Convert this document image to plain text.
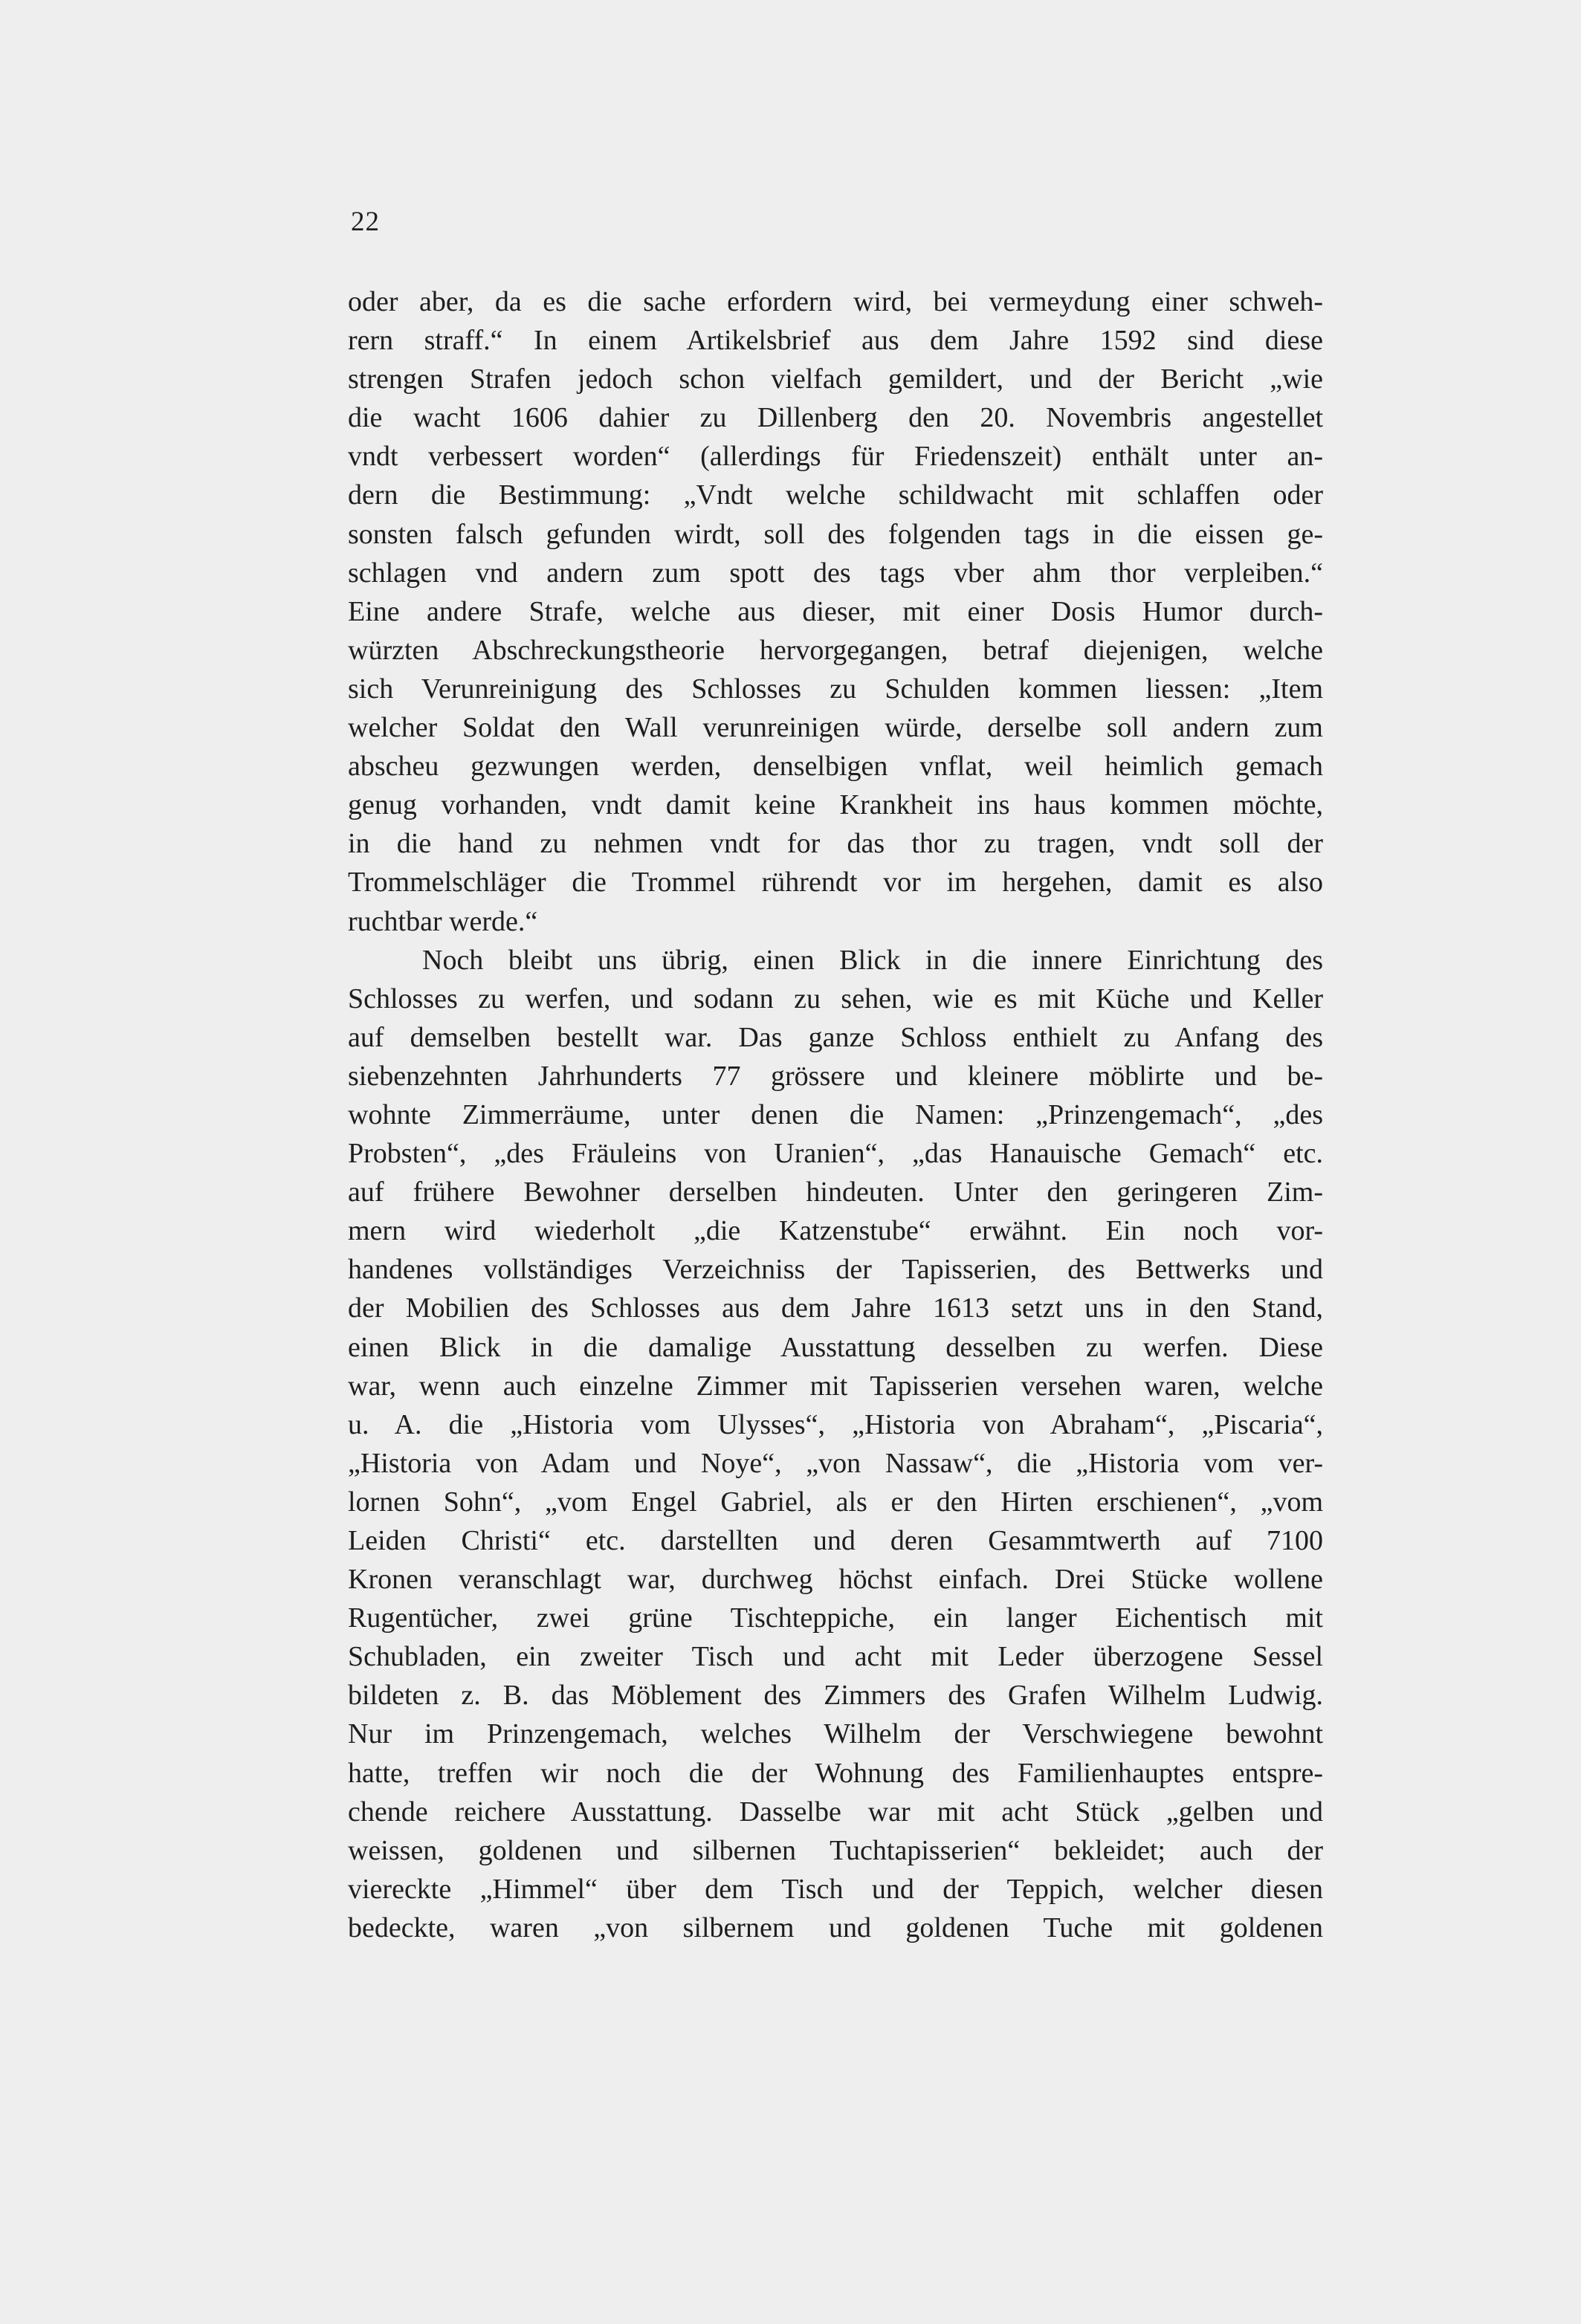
22
oder aber, da es die sache erfordern wird, bei vermeydung einer schweh-
rern straff.“ In einem Artikelsbrief aus dem Jahre 1592 sind diese
strengen Strafen jedoch schon vielfach gemildert, und der Bericht „wie
die wacht 1606 dahier zu Dillenberg den 20. Novembris angestellet
vndt verbessert worden“ (allerdings für Friedenszeit) enthält unter an-
dern die Bestimmung: „Vndt welche schildwacht mit schlaffen oder
sonsten falsch gefunden wirdt, soll des folgenden tags in die eissen ge-
schlagen vnd andern zum spott des tags vber ahm thor verpleiben.“
Eine andere Strafe, welche aus dieser, mit einer Dosis Humor durch-
würzten Abschreckungstheorie hervorgegangen, betraf diejenigen, welche
sich Verunreinigung des Schlosses zu Schulden kommen liessen: „Item
welcher Soldat den Wall verunreinigen würde, derselbe soll andern zum
abscheu gezwungen werden, denselbigen vnflat, weil heimlich gemach
genug vorhanden, vndt damit keine Krankheit ins haus kommen möchte,
in die hand zu nehmen vndt for das thor zu tragen, vndt soll der
Trommelschläger die Trommel rührendt vor im hergehen, damit es also
ruchtbar werde.“
Noch bleibt uns übrig, einen Blick in die innere Einrichtung des
Schlosses zu werfen, und sodann zu sehen, wie es mit Küche und Keller
auf demselben bestellt war. Das ganze Schloss enthielt zu Anfang des
siebenzehnten Jahrhunderts 77 grössere und kleinere möblirte und be-
wohnte Zimmerräume, unter denen die Namen: „Prinzengemach“, „des
Probsten“, „des Fräuleins von Uranien“, „das Hanauische Gemach“ etc.
auf frühere Bewohner derselben hindeuten. Unter den geringeren Zim-
mern wird wiederholt „die Katzenstube“ erwähnt. Ein noch vor-
handenes vollständiges Verzeichniss der Tapisserien, des Bettwerks und
der Mobilien des Schlosses aus dem Jahre 1613 setzt uns in den Stand,
einen Blick in die damalige Ausstattung desselben zu werfen. Diese
war, wenn auch einzelne Zimmer mit Tapisserien versehen waren, welche
u. A. die „Historia vom Ulysses“, „Historia von Abraham“, „Piscaria“,
„Historia von Adam und Noye“, „von Nassaw“, die „Historia vom ver-
lornen Sohn“, „vom Engel Gabriel, als er den Hirten erschienen“, „vom
Leiden Christi“ etc. darstellten und deren Gesammtwerth auf 7100
Kronen veranschlagt war, durchweg höchst einfach. Drei Stücke wollene
Rugentücher, zwei grüne Tischteppiche, ein langer Eichentisch mit
Schubladen, ein zweiter Tisch und acht mit Leder überzogene Sessel
bildeten z. B. das Möblement des Zimmers des Grafen Wilhelm Ludwig.
Nur im Prinzengemach, welches Wilhelm der Verschwiegene bewohnt
hatte, treffen wir noch die der Wohnung des Familienhauptes entspre-
chende reichere Ausstattung. Dasselbe war mit acht Stück „gelben und
weissen, goldenen und silbernen Tuchtapisserien“ bekleidet; auch der
viereckte „Himmel“ über dem Tisch und der Teppich, welcher diesen
bedeckte, waren „von silbernem und goldenen Tuche mit goldenen
